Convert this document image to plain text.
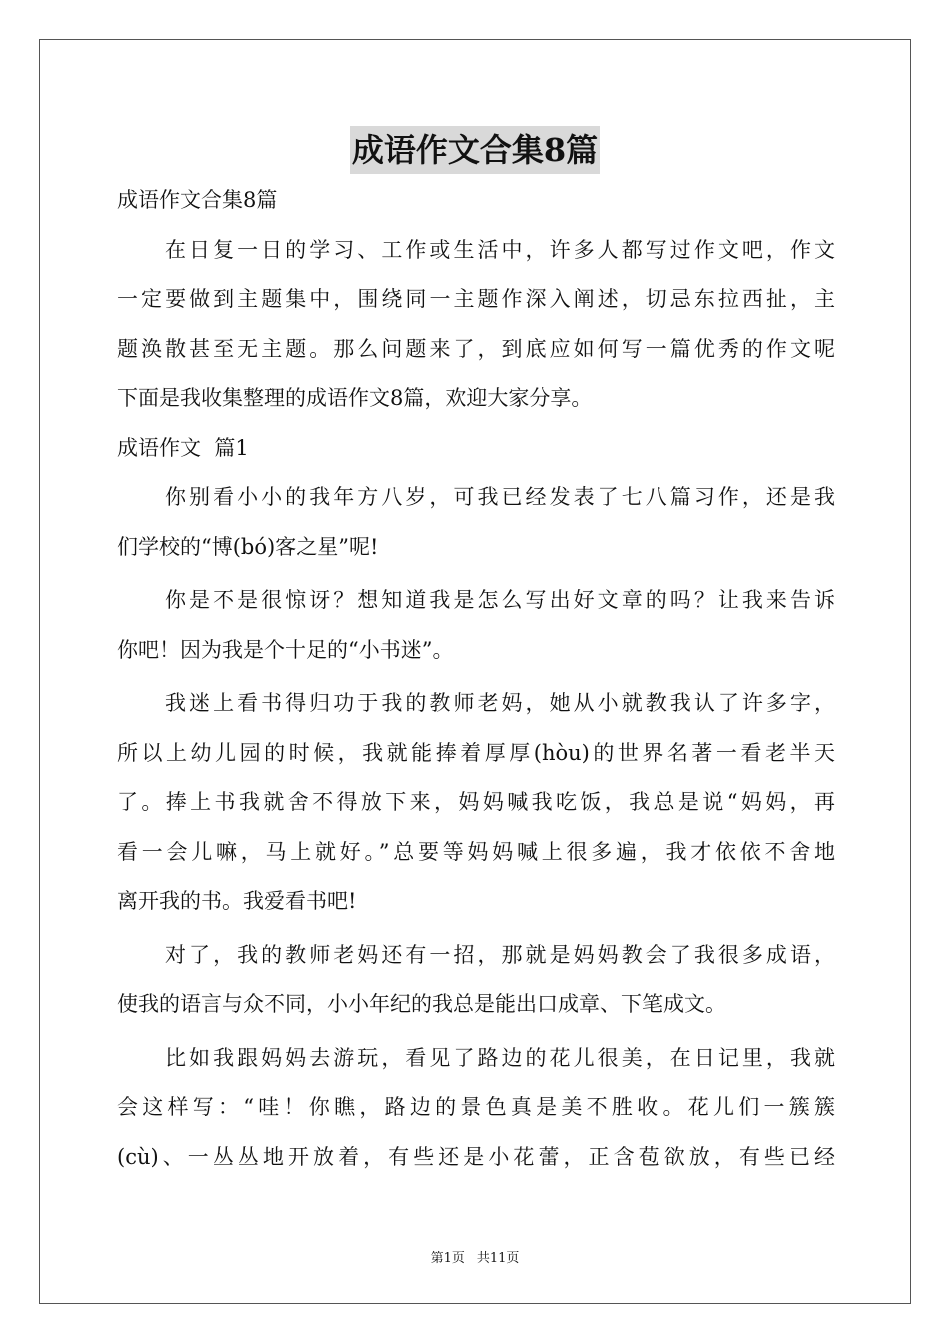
成语作文合集8篇
成语作文合集8篇
在日复一日的学习、工作或生活中，许多人都写过作文吧，作文
一定要做到主题集中，围绕同一主题作深入阐述，切忌东拉西扯，主
题涣散甚至无主题。那么问题来了，到底应如何写一篇优秀的作文呢
下面是我收集整理的成语作文8篇，欢迎大家分享。
成语作文  篇1
你别看小小的我年方八岁，可我已经发表了七八篇习作，还是我
们学校的“博(bó)客之星”呢!
你是不是很惊讶？想知道我是怎么写出好文章的吗？让我来告诉
你吧！因为我是个十足的“小书迷”。
我迷上看书得归功于我的教师老妈，她从小就教我认了许多字，
所以上幼儿园的时候，我就能捧着厚厚(hòu)的世界名著一看老半天
了。捧上书我就舍不得放下来，妈妈喊我吃饭，我总是说“妈妈，再
看一会儿嘛，马上就好。”总要等妈妈喊上很多遍，我才依依不舍地
离开我的书。我爱看书吧!
对了，我的教师老妈还有一招，那就是妈妈教会了我很多成语，
使我的语言与众不同，小小年纪的我总是能出口成章、下笔成文。
比如我跟妈妈去游玩，看见了路边的花儿很美，在日记里，我就
会这样写：“哇！你瞧，路边的景色真是美不胜收。花儿们一簇簇
(cù)、一丛丛地开放着，有些还是小花蕾，正含苞欲放，有些已经
第1页 共11页
